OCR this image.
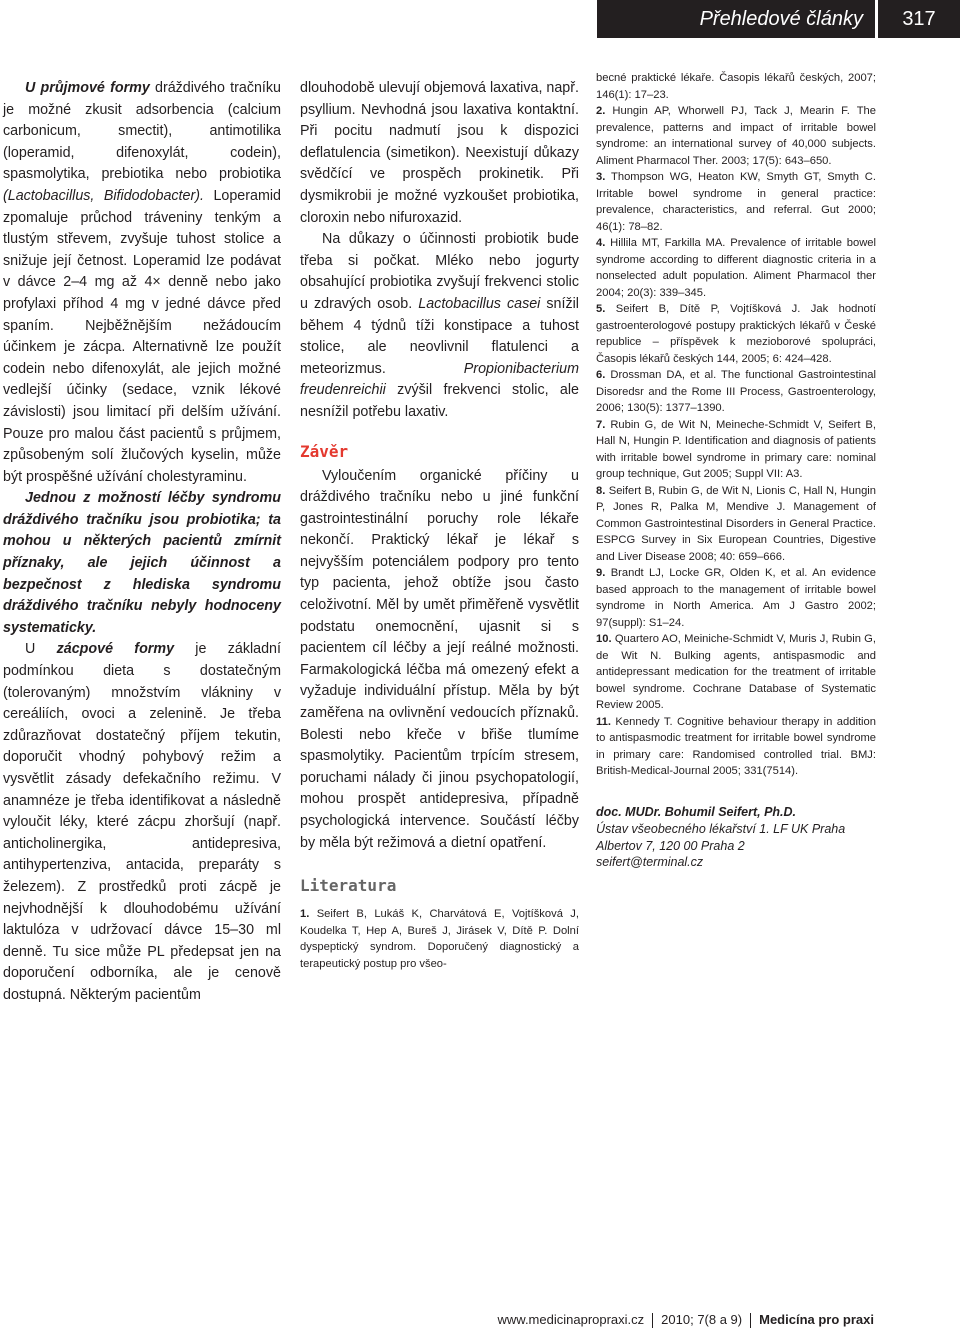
Přehledové články	317

U průjmové formy dráždivého tračníku je možné zkusit adsorbencia (calcium carbonicum, smectit), antimotilika (loperamid, difenoxylát, codein), spasmolytika, prebiotika nebo probiotika (Lactobacillus, Bifidodobacter). Loperamid zpomaluje průchod tráveniny tenkým a tlustým střevem, zvyšuje tuhost stolice a snižuje její četnost. Loperamid lze podávat v dávce 2–4 mg až 4× denně nebo jako profylaxi příhod 4 mg v jedné dávce před spaním. Nejběžnějším nežádoucím účinkem je zácpa. Alternativně lze použít codein nebo difenoxylát, ale jejich možné vedlejší účinky (sedace, vznik lékové závislosti) jsou limitací při delším užívání. Pouze pro malou část pacientů s průjmem, způsobeným solí žlučových kyselin, může být prospěšné užívání cholestyraminu.

Jednou z možností léčby syndromu dráždivého tračníku jsou probiotika; ta mohou u některých pacientů zmírnit příznaky, ale jejich účinnost a bezpečnost z hlediska syndromu dráždivého tračníku nebyly hodnoceny systematicky.

U zácpové formy je základní podmínkou dieta s dostatečným (tolerovaným) množstvím vlákniny v cereáliích, ovoci a zelenině. Je třeba zdůrazňovat dostatečný příjem tekutin, doporučit vhodný pohybový režim a vysvětlit zásady defekačního režimu. V anamnéze je třeba identifikovat a následně vyloučit léky, které zácpu zhoršují (např. anticholinergika, antidepresiva, antihypertenziva, antacida, preparáty s železem). Z prostředků proti zácpě je nejvhodnější k dlouhodobému užívání laktulóza v udržovací dávce 15–30 ml denně. Tu sice může PL předepsat jen na doporučení odborníka, ale je cenově dostupná. Některým pacientům

dlouhodobě ulevují objemová laxativa, např. psyllium. Nevhodná jsou laxativa kontaktní. Při pocitu nadmutí jsou k dispozici deflatulencia (simetikon). Neexistují důkazy svědčící ve prospěch prokinetik. Při dysmikrobii je možné vyzkoušet probiotika, cloroxin nebo nifuroxazid.

Na důkazy o účinnosti probiotik bude třeba si počkat. Mléko nebo jogurty obsahující probiotika zvyšují frekvenci stolic u zdravých osob. Lactobacillus casei snížil během 4 týdnů tíži konstipace a tuhost stolice, ale neovlivnil flatulenci a meteorizmus. Propionibacterium freudenreichii zvýšil frekvenci stolic, ale nesnížil potřebu laxativ.

Závěr

Vyloučením organické příčiny u dráždivého tračníku nebo u jiné funkční gastrointestinální poruchy role lékaře nekončí. Praktický lékař je lékař s nejvyšším potenciálem podpory pro tento typ pacienta, jehož obtíže jsou často celoživotní. Měl by umět přiměřeně vysvětlit podstatu onemocnění, ujasnit si s pacientem cíl léčby a její reálné možnosti. Farmakologická léčba má omezený efekt a vyžaduje individuální přístup. Měla by být zaměřena na ovlivnění vedoucích příznaků. Bolesti nebo křeče v břiše tlumíme spasmolytiky. Pacientům trpícím stresem, poruchami nálady či jinou psychopatologií, mohou prospět antidepresiva, případně psychologická intervence. Součástí léčby by měla být režimová a dietní opatření.

Literatura

1. Seifert B, Lukáš K, Charvátová E, Vojtíšková J, Koudelka T, Hep A, Bureš J, Jirásek V, Dítě P. Dolní dyspeptický syndrom. Doporučený diagnostický a terapeutický postup pro všeo-

becné praktické lékaře. Časopis lékařů českých, 2007; 146(1): 17–23.

2. Hungin AP, Whorwell PJ, Tack J, Mearin F. The prevalence, patterns and impact of irritable bowel syndrome: an international survey of 40,000 subjects. Aliment Pharmacol Ther. 2003; 17(5): 643–650.

3. Thompson WG, Heaton KW, Smyth GT, Smyth C. Irritable bowel syndrome in general practice: prevalence, characteristics, and referral. Gut 2000; 46(1): 78–82.

4. Hillila MT, Farkilla MA. Prevalence of irritable bowel syndrome according to different diagnostic criteria in a nonselected adult population. Aliment Pharmacol ther 2004; 20(3): 339–345.

5. Seifert B, Dítě P, Vojtíšková J. Jak hodnotí gastroenterologové postupy praktických lékařů v České republice – příspěvek k mezioborové spolupráci, Časopis lékařů českých 144, 2005; 6: 424–428.

6. Drossman DA, et al. The functional Gastrointestinal Disoredsr and the Rome III Process, Gastroenterology, 2006; 130(5): 1377–1390.

7. Rubin G, de Wit N, Meineche-Schmidt V, Seifert B, Hall N, Hungin P. Identification and diagnosis of patients with irritable bowel syndrome in primary care: nominal group technique, Gut 2005; Suppl VII: A3.

8. Seifert B, Rubin G, de Wit N, Lionis C, Hall N, Hungin P, Jones R, Palka M, Mendive J. Management of Common Gastrointestinal Disorders in General Practice. ESPCG Survey in Six European Countries, Digestive and Liver Disease 2008; 40: 659–666.

9. Brandt LJ, Locke GR, Olden K, et al. An evidence based approach to the management of irritable bowel syndrome in North America. Am J Gastro 2002; 97(suppl): S1–24.

10. Quartero AO, Meiniche-Schmidt V, Muris J, Rubin G, de Wit N. Bulking agents, antispasmodic and antidepressant medication for the treatment of irritable bowel syndrome. Cochrane Database of Systematic Review 2005.

11. Kennedy T. Cognitive behaviour therapy in addition to antispasmodic treatment for irritable bowel syndrome in primary care: Randomised controlled trial. BMJ: British-Medical-Journal 2005; 331(7514).

doc. MUDr. Bohumil Seifert, Ph.D.
Ústav všeobecného lékařství 1. LF UK Praha
Albertov 7, 120 00 Praha 2
seifert@terminal.cz
www.medicinapropraxi.cz 2010; 7(8 a 9) Medicína pro praxi
